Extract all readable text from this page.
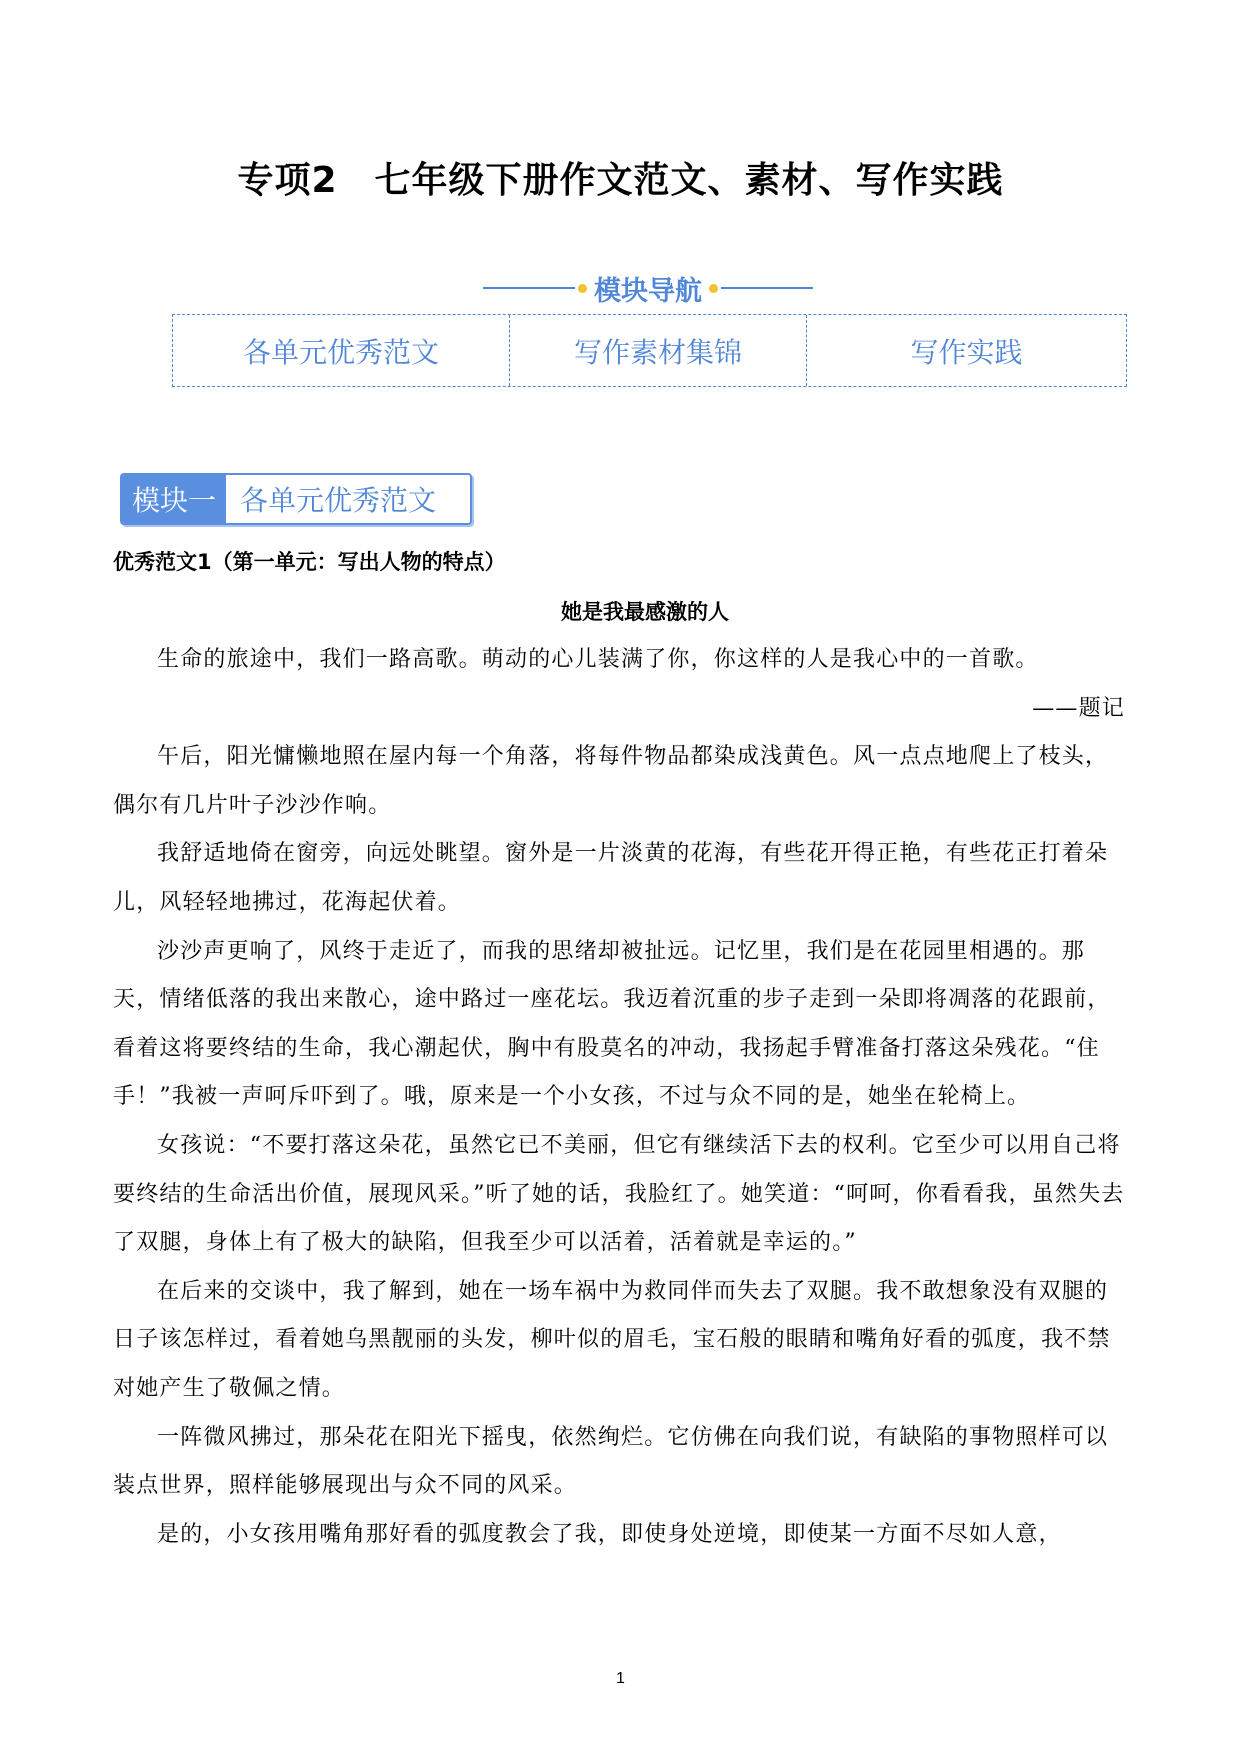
专项2　七年级下册作文范文、素材、写作实践
模块导航
各单元优秀范文	写作素材集锦	写作实践
模块一 各单元优秀范文
优秀范文1（第一单元：写出人物的特点）
她是我最感激的人

生命的旅途中，我们一路高歌。萌动的心儿装满了你，你这样的人是我心中的一首歌。

——题记

午后，阳光慵懒地照在屋内每一个角落，将每件物品都染成浅黄色。风一点点地爬上了枝头，偶尔有几片叶子沙沙作响。

我舒适地倚在窗旁，向远处眺望。窗外是一片淡黄的花海，有些花开得正艳，有些花正打着朵儿，风轻轻地拂过，花海起伏着。

沙沙声更响了，风终于走近了，而我的思绪却被扯远。记忆里，我们是在花园里相遇的。那天，情绪低落的我出来散心，途中路过一座花坛。我迈着沉重的步子走到一朵即将凋落的花跟前，看着这将要终结的生命，我心潮起伏，胸中有股莫名的冲动，我扬起手臂准备打落这朵残花。“住手！”我被一声呵斥吓到了。哦，原来是一个小女孩，不过与众不同的是，她坐在轮椅上。

女孩说：“不要打落这朵花，虽然它已不美丽，但它有继续活下去的权利。它至少可以用自己将要终结的生命活出价值，展现风采。”听了她的话，我脸红了。她笑道：“呵呵，你看看我，虽然失去了双腿，身体上有了极大的缺陷，但我至少可以活着，活着就是幸运的。”

在后来的交谈中，我了解到，她在一场车祸中为救同伴而失去了双腿。我不敢想象没有双腿的日子该怎样过，看着她乌黑靓丽的头发，柳叶似的眉毛，宝石般的眼睛和嘴角好看的弧度，我不禁对她产生了敬佩之情。

一阵微风拂过，那朵花在阳光下摇曳，依然绚烂。它仿佛在向我们说，有缺陷的事物照样可以装点世界，照样能够展现出与众不同的风采。

是的，小女孩用嘴角那好看的弧度教会了我，即使身处逆境，即使某一方面不尽如人意，

1
